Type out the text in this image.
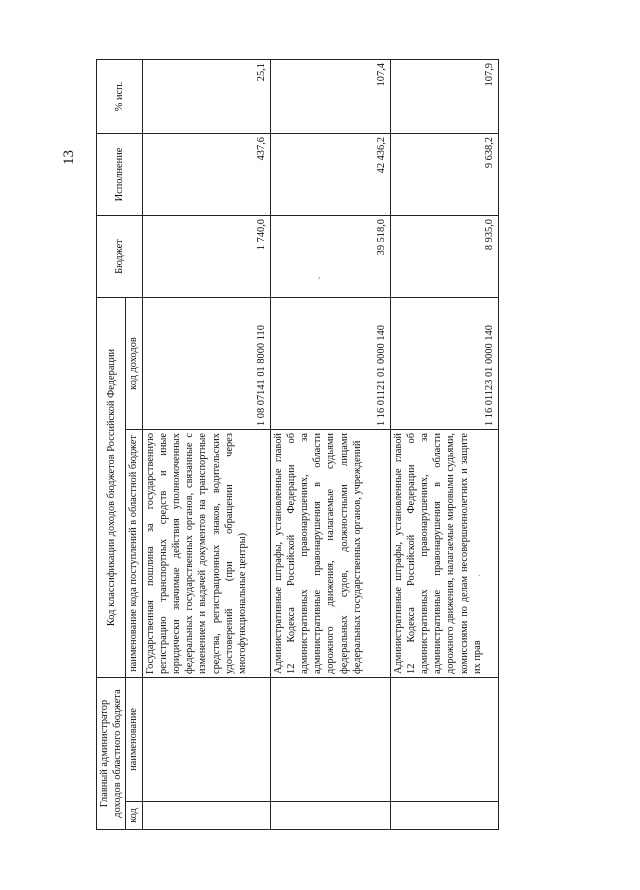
13
,
.
Главный администратор доходов областного бюджета		Код классификации доходов бюджетов Российской Федерации		Бюджет	Исполнение	% исп.
код	наименование	наименование кода поступлений в областной бюджет	код доходов			
		Государственная пошлина за государственную регистрацию транспортных средств и иные юридически значимые действия уполномоченных федеральных государственных органов, связанные с изменением и выдачей документов на транспортные средства, регистрационных знаков, водительских удостоверений (при обращении через многофункциональные центры)	1 08 07141 01 8000 110	1 740,0	437,6	25,1
		Административные штрафы, установленные главой 12 Кодекса Российской Федерации об административных правонарушениях, за административные правонарушения в области дорожного движения, налагаемые судьями федеральных судов, должностными лицами федеральных государственных органов, учреждений	1 16 01121 01 0000 140	39 518,0	42 436,2	107,4
		Административные штрафы, установленные главой 12 Кодекса Российской Федерации об административных правонарушениях, за административные правонарушения в области дорожного движения, налагаемые мировыми судьями, комиссиями по делам несовершеннолетних и защите их прав	1 16 01123 01 0000 140	8 935,0	9 638,2	107,9
